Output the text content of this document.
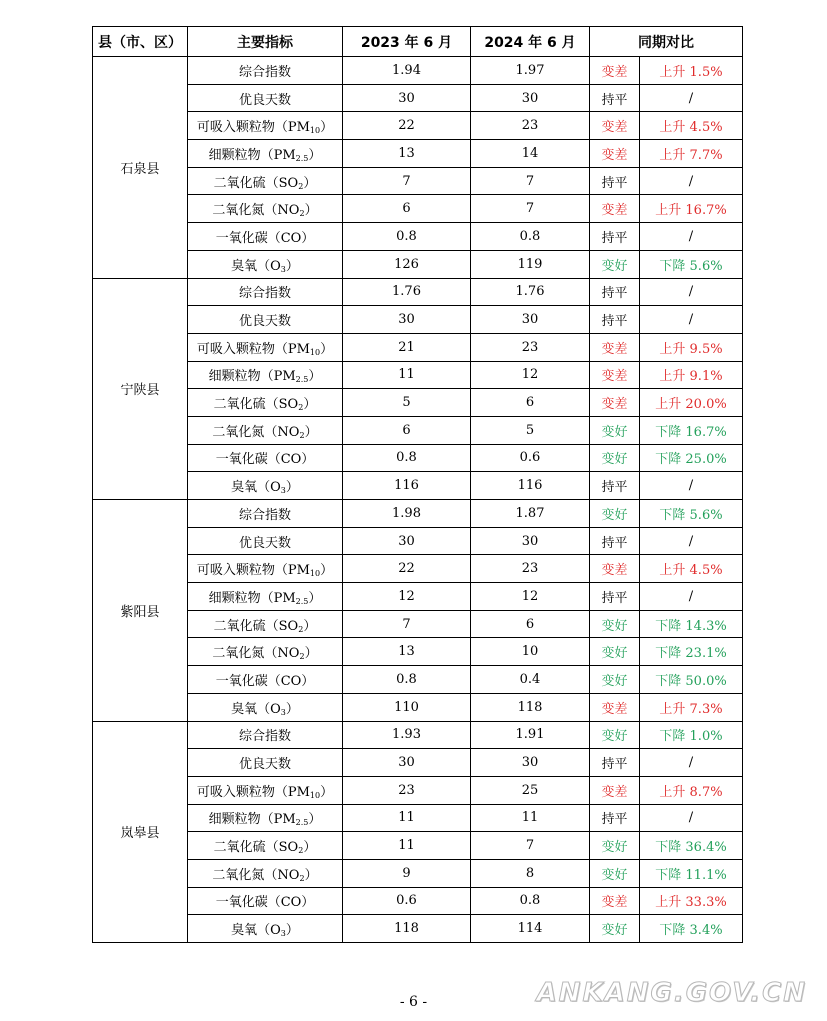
县（市、区）	主要指标	2023 年 6 月	2024 年 6 月	同期对比	
石泉县	综合指数	1.94	1.97	变差	上升 1.5%
	优良天数	30	30	持平	/
	可吸入颗粒物$(PM_{10})$	22	23	变差	上升 4.5%
	细颗粒物$(PM_{2.5})$	13	14	变差	上升 7.7%
	二氧化硫$(SO_2)$	7	7	持平	/
	二氧化氮$(NO_2)$	6	7	变差	上升 16.7%
	一氧化碳（CO）	0.8	0.8	持平	/
	臭氧$(O_3)$	126	119	变好	下降 5.6%
宁陕县	综合指数	1.76	1.76	持平	/
	优良天数	30	30	持平	/
	可吸入颗粒物$(PM_{10})$	21	23	变差	上升 9.5%
	细颗粒物$(PM_{2.5})$	11	12	变差	上升 9.1%
	二氧化硫$(SO_2)$	5	6	变差	上升 20.0%
	二氧化氮$(NO_2)$	6	5	变好	下降 16.7%
	一氧化碳（CO）	0.8	0.6	变好	下降 25.0%
	臭氧$(O_3)$	116	116	持平	/
紫阳县	综合指数	1.98	1.87	变好	下降 5.6%
	优良天数	30	30	持平	/
	可吸入颗粒物$(PM_{10})$	22	23	变差	上升 4.5%
	细颗粒物$(PM_{2.5})$	12	12	持平	/
	二氧化硫$(SO_2)$	7	6	变好	下降 14.3%
	二氧化氮$(NO_2)$	13	10	变好	下降 23.1%
	一氧化碳（CO）	0.8	0.4	变好	下降 50.0%
	臭氧$(O_3)$	110	118	变差	上升 7.3%
岚皋县	综合指数	1.93	1.91	变好	下降 1.0%
	优良天数	30	30	持平	/
	可吸入颗粒物$(PM_{10})$	23	25	变差	上升 8.7%
	细颗粒物$(PM_{2.5})$	11	11	持平	/
	二氧化硫$(SO_2)$	11	7	变好	下降 36.4%
	二氧化氮$(NO_2)$	9	8	变好	下降 11.1%
	一氧化碳（CO）	0.6	0.8	变差	上升 33.3%
	臭氧$(O_3)$	118	114	变好	下降 3.4%
- 6 -	ANKANG.GOV.CN
